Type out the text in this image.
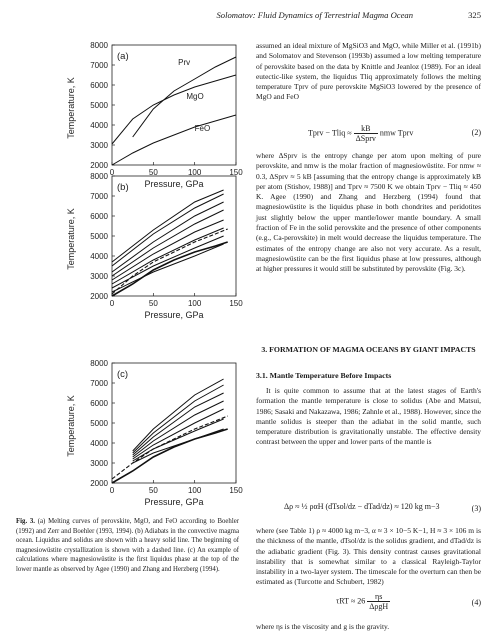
Solomatov: Fluid Dynamics of Terrestrial Magma Ocean	325
2000
3000
4000
5000
6000
7000
8000
0	50	100	150
Pressure, GPa
Temperature, K
(a)
Prv
MgO
FeO
2000
3000
4000
5000
6000
7000
8000
0	50	100	150
Pressure, GPa
Temperature, K
(b)
2000
3000
4000
5000
6000
7000
8000
0	50	100	150
Pressure, GPa
Temperature, K
(c)
Fig. 3. (a) Melting curves of perovskite, MgO, and FeO according to Boehler (1992) and Zerr and Boehler (1993, 1994). (b) Adiabats in the convective magma ocean. Liquidus and solidus are shown with a heavy solid line. The beginning of magnesiowüstite crystallization is shown with a dashed line. (c) An example of calculations where magnesiowüstite is the first liquidus phase at the top of the lower mantle as observed by Agee (1990) and Zhang and Herzberg (1994).
assumed an ideal mixture of MgSiO3 and MgO, while Miller et al. (1991b) and Solomatov and Stevenson (1993b) assumed a low melting temperature of perovskite based on the data by Knittle and Jeanloz (1989). For an ideal eutectic-like system, the liquidus Tliq approximately follows the melting temperature Tprv of pure perovskite MgSiO3 lowered by the presence of MgO and FeO
Tprv − Tliq ≈ $\frac{kB}{\text{ΔSprv}}$ nmw Tprv	(2)
where ΔSprv is the entropy change per atom upon melting of pure perovskite, and nmw is the molar fraction of magnesiowüstite. For nmw ≈ 0.3, ΔSprv ≈ 5 kB [assuming that the entropy change is approximately kB per atom (Stishov, 1988)] and Tprv ≈ 7500 K we obtain Tprv − Tliq ≈ 450 K. Agee (1990) and Zhang and Herzberg (1994) found that magnesiowüstite is the liquidus phase in both chondrites and peridotites just slightly below the upper mantle/lower mantle boundary. A small fraction of Fe in the solid perovskite and the presence of other components (e.g., Ca-perovskite) in melt would decrease the liquidus temperature. The estimates of the entropy change are also not very accurate. As a result, magnesiowüstite can be the first liquidus phase at low pressures, although at higher pressures it would still be substituted by perovskite (Fig. 3c).
3. FORMATION OF MAGMA OCEANS BY GIANT IMPACTS
3.1. Mantle Temperature Before Impacts
It is quite common to assume that at the latest stages of Earth's formation the mantle temperature is close to solidus (Abe and Matsui, 1986; Sasaki and Nakazawa, 1986; Zahnle et al., 1988). However, since the mantle solidus is steeper than the adiabat in the solid mantle, such temperature distribution is gravitationally unstable. The effective density contrast between the upper and lower parts of the mantle is
Δρ ≈ ½ ραH (dTsol/dz − dTad/dz) ≈ 120 kg m−3	(3)
where (see Table 1) ρ ≈ 4000 kg m−3, α ≈ 3 × 10−5 K−1, H ≈ 3 × 106 m is the thickness of the mantle, dTsol/dz is the solidus gradient, and dTad/dz is the adiabatic gradient (Fig. 3). This density contrast causes gravitational instability that is somewhat similar to a classical Rayleigh-Taylor instability in a two-layer system. The timescale for the overturn can then be estimated as (Turcotte and Schubert, 1982)
$\tau RT \approx 26 \frac{\eta s}{\text{ΔρgH}}$	(4)
where ηs is the viscosity and g is the gravity.
